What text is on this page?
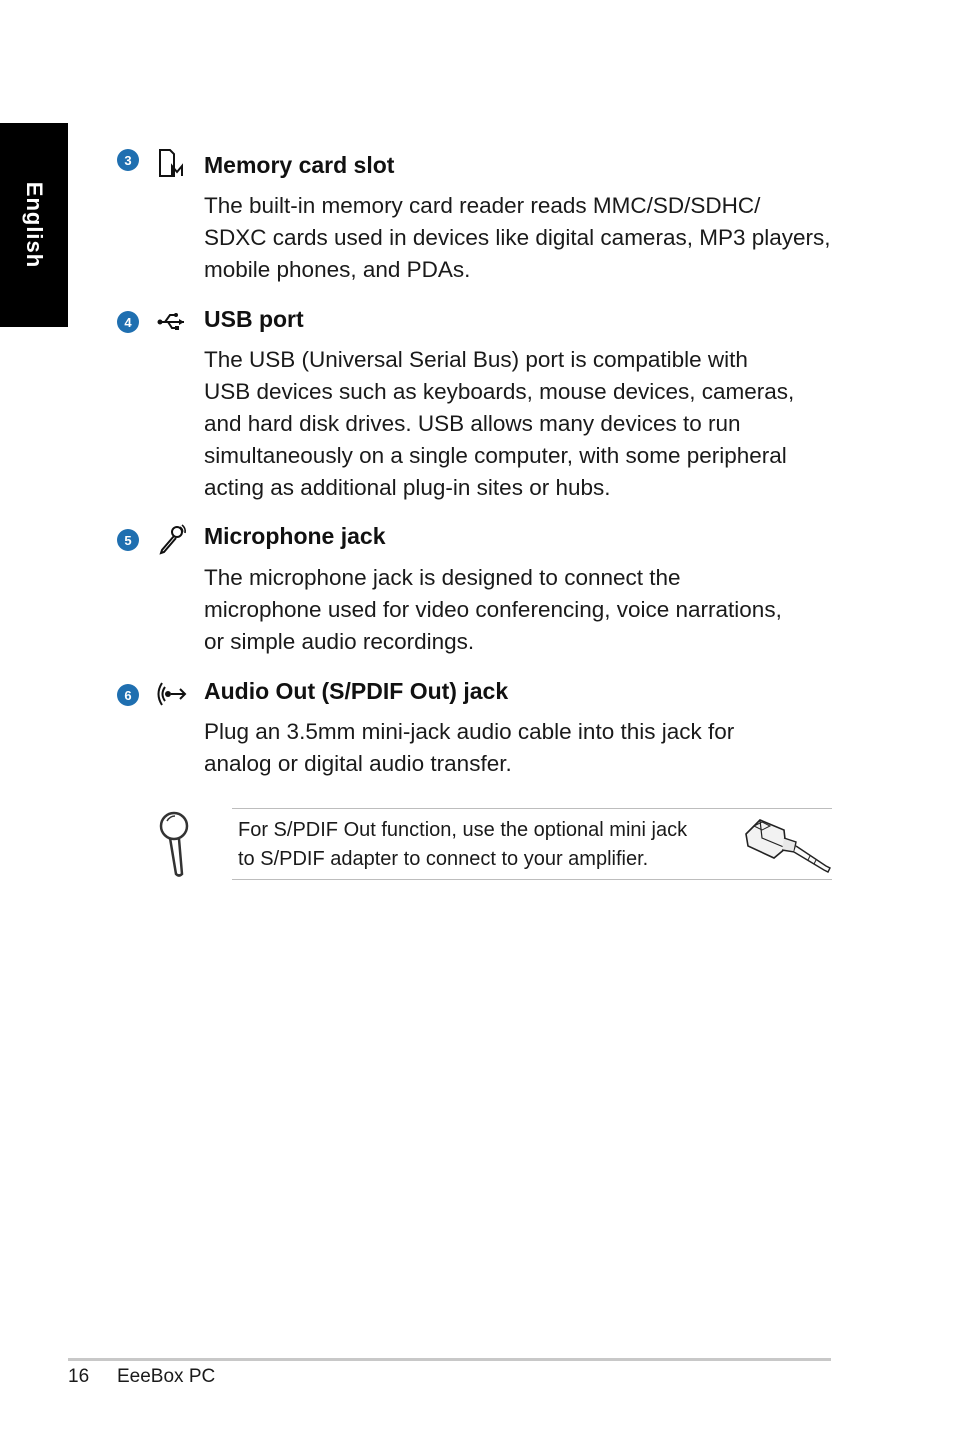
English
3	Memory card slot
The built-in memory card reader reads MMC/SD/SDHC/
SDXC cards used in devices like digital cameras, MP3 players,
mobile phones, and PDAs.
4	USB port
The USB (Universal Serial Bus) port is compatible with
USB devices such as keyboards, mouse devices, cameras,
and hard disk drives. USB allows many devices to run
simultaneously on a single computer, with some peripheral
acting as additional plug-in sites or hubs.
5	Microphone jack
The microphone jack is designed to connect the
microphone used for video conferencing, voice narrations,
or simple audio recordings.
6	Audio Out (S/PDIF Out) jack
Plug an 3.5mm mini-jack audio cable into this jack for
analog or digital audio transfer.
For S/PDIF Out function, use the optional mini jack
to S/PDIF adapter to connect to your amplifier.
16 EeeBox PC
